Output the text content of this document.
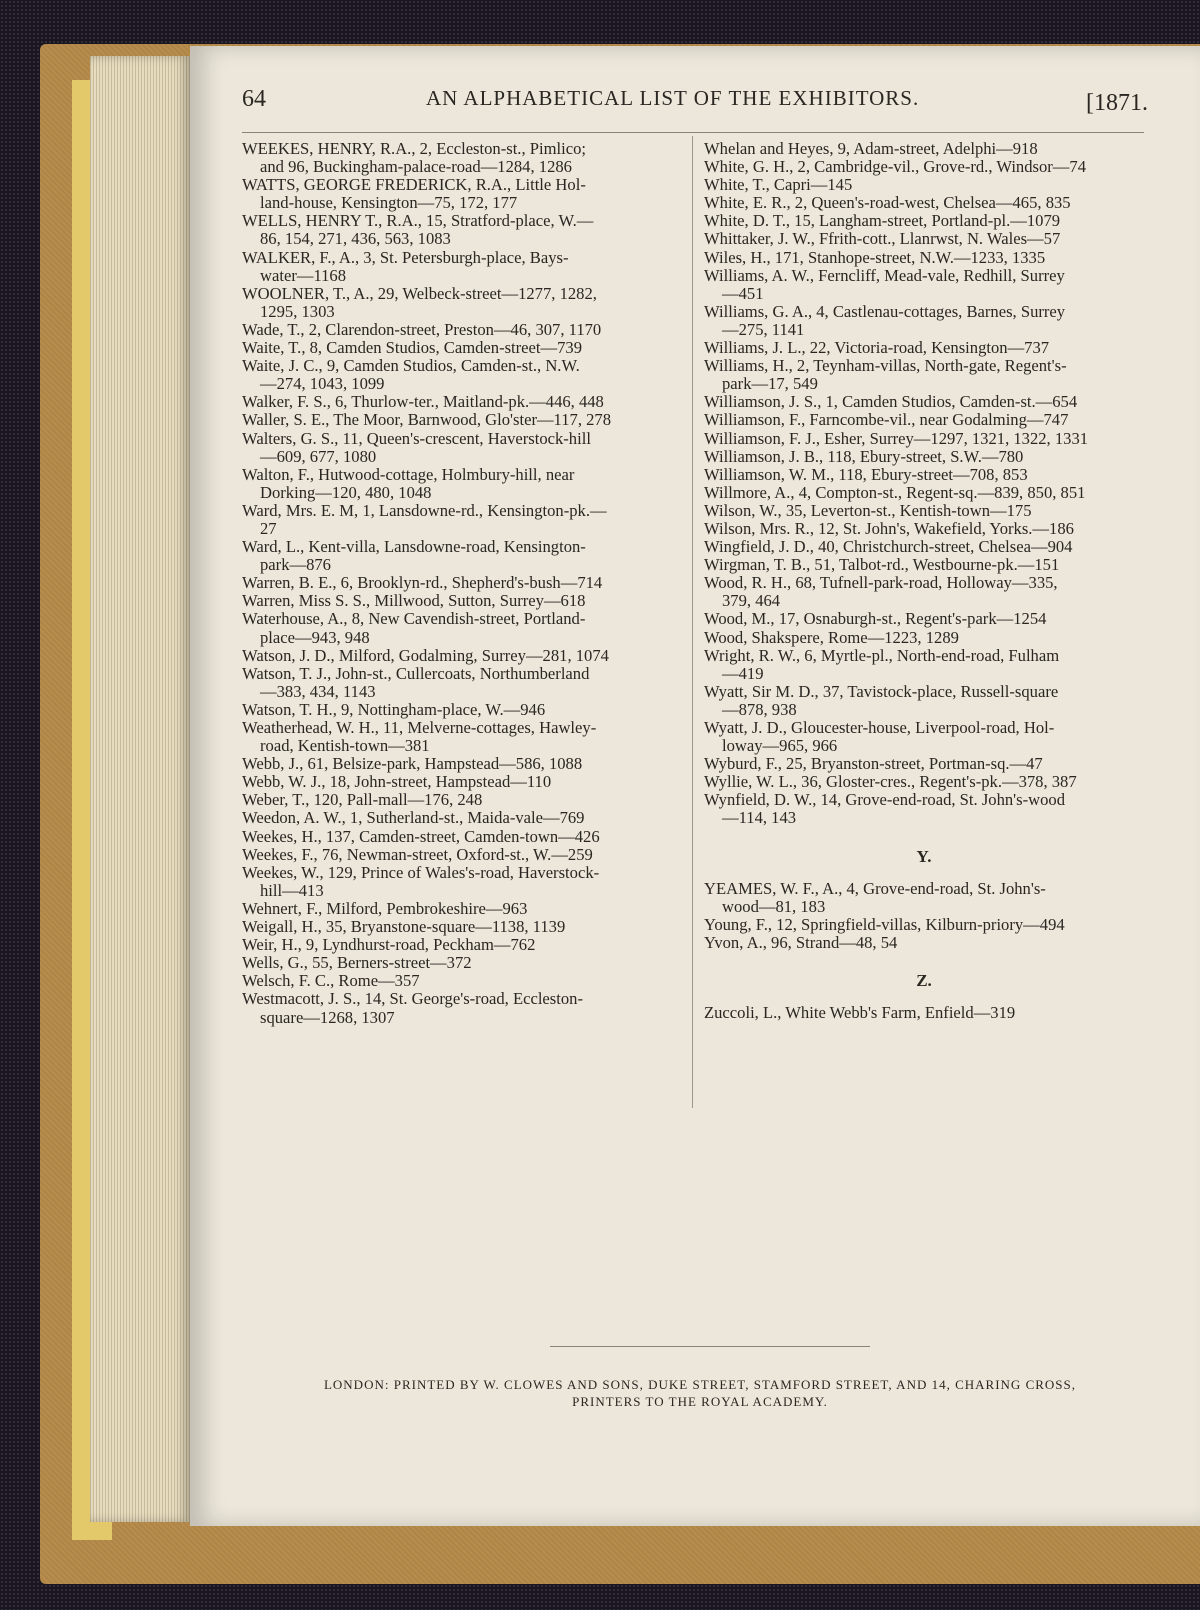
64	AN ALPHABETICAL LIST OF THE EXHIBITORS.	[1871.
WEEKES, HENRY, R.A., 2, Eccleston-st., Pimlico;
and 96, Buckingham-palace-road—1284, 1286
WATTS, GEORGE FREDERICK, R.A., Little Hol-
land-house, Kensington—75, 172, 177
WELLS, HENRY T., R.A., 15, Stratford-place, W.—
86, 154, 271, 436, 563, 1083
WALKER, F., A., 3, St. Petersburgh-place, Bays-
water—1168
WOOLNER, T., A., 29, Welbeck-street—1277, 1282,
1295, 1303
Wade, T., 2, Clarendon-street, Preston—46, 307, 1170
Waite, T., 8, Camden Studios, Camden-street—739
Waite, J. C., 9, Camden Studios, Camden-st., N.W.
—274, 1043, 1099
Walker, F. S., 6, Thurlow-ter., Maitland-pk.—446, 448
Waller, S. E., The Moor, Barnwood, Glo'ster—117, 278
Walters, G. S., 11, Queen's-crescent, Haverstock-hill
—609, 677, 1080
Walton, F., Hutwood-cottage, Holmbury-hill, near
Dorking—120, 480, 1048
Ward, Mrs. E. M, 1, Lansdowne-rd., Kensington-pk.—
27
Ward, L., Kent-villa, Lansdowne-road, Kensington-
park—876
Warren, B. E., 6, Brooklyn-rd., Shepherd's-bush—714
Warren, Miss S. S., Millwood, Sutton, Surrey—618
Waterhouse, A., 8, New Cavendish-street, Portland-
place—943, 948
Watson, J. D., Milford, Godalming, Surrey—281, 1074
Watson, T. J., John-st., Cullercoats, Northumberland
—383, 434, 1143
Watson, T. H., 9, Nottingham-place, W.—946
Weatherhead, W. H., 11, Melverne-cottages, Hawley-
road, Kentish-town—381
Webb, J., 61, Belsize-park, Hampstead—586, 1088
Webb, W. J., 18, John-street, Hampstead—110
Weber, T., 120, Pall-mall—176, 248
Weedon, A. W., 1, Sutherland-st., Maida-vale—769
Weekes, H., 137, Camden-street, Camden-town—426
Weekes, F., 76, Newman-street, Oxford-st., W.—259
Weekes, W., 129, Prince of Wales's-road, Haverstock-
hill—413
Wehnert, F., Milford, Pembrokeshire—963
Weigall, H., 35, Bryanstone-square—1138, 1139
Weir, H., 9, Lyndhurst-road, Peckham—762
Wells, G., 55, Berners-street—372
Welsch, F. C., Rome—357
Westmacott, J. S., 14, St. George's-road, Eccleston-
square—1268, 1307
Whelan and Heyes, 9, Adam-street, Adelphi—918
White, G. H., 2, Cambridge-vil., Grove-rd., Windsor—74
White, T., Capri—145
White, E. R., 2, Queen's-road-west, Chelsea—465, 835
White, D. T., 15, Langham-street, Portland-pl.—1079
Whittaker, J. W., Ffrith-cott., Llanrwst, N. Wales—57
Wiles, H., 171, Stanhope-street, N.W.—1233, 1335
Williams, A. W., Ferncliff, Mead-vale, Redhill, Surrey
—451
Williams, G. A., 4, Castlenau-cottages, Barnes, Surrey
—275, 1141
Williams, J. L., 22, Victoria-road, Kensington—737
Williams, H., 2, Teynham-villas, North-gate, Regent's-
park—17, 549
Williamson, J. S., 1, Camden Studios, Camden-st.—654
Williamson, F., Farncombe-vil., near Godalming—747
Williamson, F. J., Esher, Surrey—1297, 1321, 1322, 1331
Williamson, J. B., 118, Ebury-street, S.W.—780
Williamson, W. M., 118, Ebury-street—708, 853
Willmore, A., 4, Compton-st., Regent-sq.—839, 850, 851
Wilson, W., 35, Leverton-st., Kentish-town—175
Wilson, Mrs. R., 12, St. John's, Wakefield, Yorks.—186
Wingfield, J. D., 40, Christchurch-street, Chelsea—904
Wirgman, T. B., 51, Talbot-rd., Westbourne-pk.—151
Wood, R. H., 68, Tufnell-park-road, Holloway—335,
379, 464
Wood, M., 17, Osnaburgh-st., Regent's-park—1254
Wood, Shakspere, Rome—1223, 1289
Wright, R. W., 6, Myrtle-pl., North-end-road, Fulham
—419
Wyatt, Sir M. D., 37, Tavistock-place, Russell-square
—878, 938
Wyatt, J. D., Gloucester-house, Liverpool-road, Hol-
loway—965, 966
Wyburd, F., 25, Bryanston-street, Portman-sq.—47
Wyllie, W. L., 36, Gloster-cres., Regent's-pk.—378, 387
Wynfield, D. W., 14, Grove-end-road, St. John's-wood
—114, 143
Y.
YEAMES, W. F., A., 4, Grove-end-road, St. John's-
wood—81, 183
Young, F., 12, Springfield-villas, Kilburn-priory—494
Yvon, A., 96, Strand—48, 54
Z.
Zuccoli, L., White Webb's Farm, Enfield—319
LONDON: PRINTED BY W. CLOWES AND SONS, DUKE STREET, STAMFORD STREET, AND 14, CHARING CROSS,
PRINTERS TO THE ROYAL ACADEMY.
